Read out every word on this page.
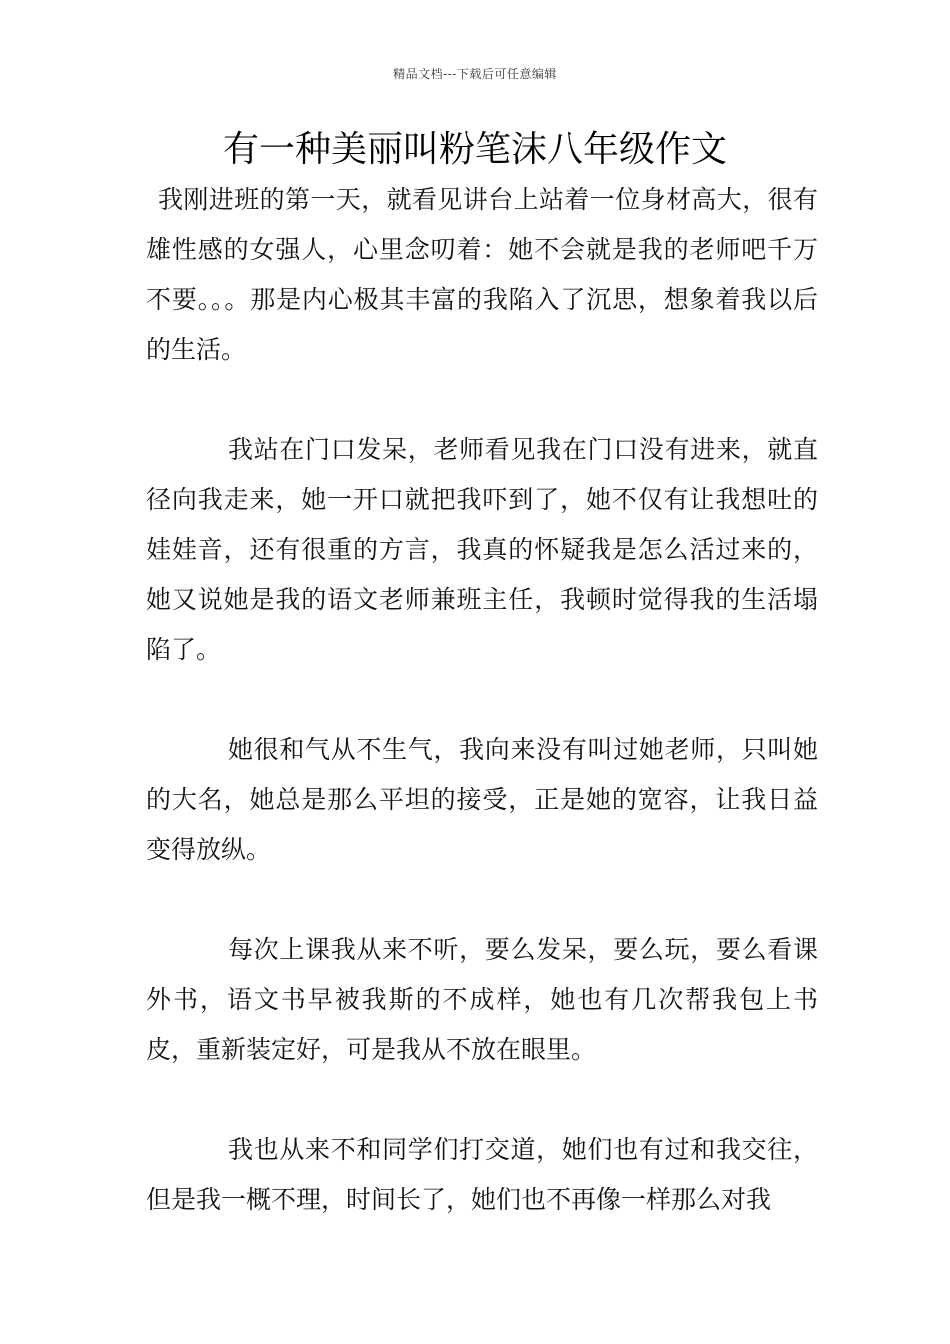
精品文档---下载后可任意编辑
有一种美丽叫粉笔沫八年级作文

我刚进班的第一天，就看见讲台上站着一位身材高大，很有雄性感的女强人，心里念叨着：她不会就是我的老师吧千万不要。。。那是内心极其丰富的我陷入了沉思，想象着我以后的生活。

我站在门口发呆，老师看见我在门口没有进来，就直径向我走来，她一开口就把我吓到了，她不仅有让我想吐的娃娃音，还有很重的方言，我真的怀疑我是怎么活过来的，她又说她是我的语文老师兼班主任，我顿时觉得我的生活塌陷了。

她很和气从不生气，我向来没有叫过她老师，只叫她的大名，她总是那么平坦的接受，正是她的宽容，让我日益变得放纵。

每次上课我从来不听，要么发呆，要么玩，要么看课外书，语文书早被我斯的不成样，她也有几次帮我包上书皮，重新装定好，可是我从不放在眼里。

我也从来不和同学们打交道，她们也有过和我交往，但是我一概不理，时间长了，她们也不再像一样那么对我
